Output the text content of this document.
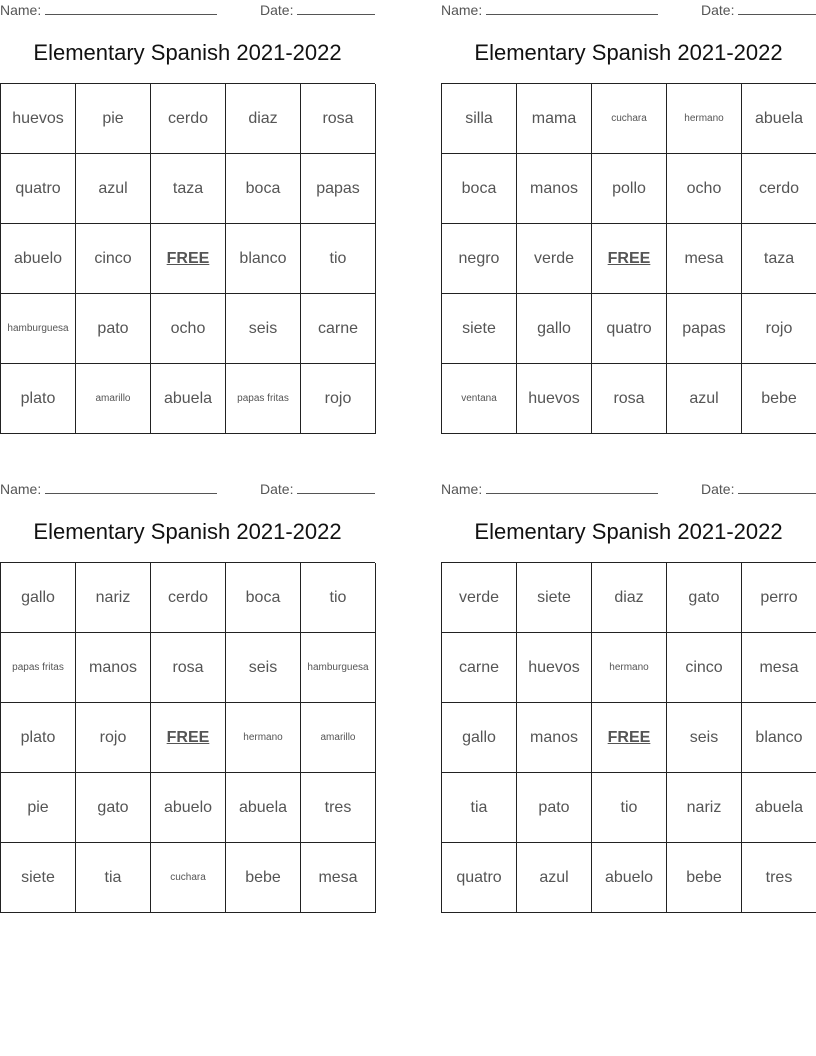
Name:	Date:
Elementary Spanish 2021-2022
huevos	pie	cerdo	diaz	rosa
quatro	azul	taza	boca	papas
abuelo	cinco	FREE	blanco	tio
hamburguesa	pato	ocho	seis	carne
plato	amarillo	abuela	papas fritas	rojo
Name:	Date:
Elementary Spanish 2021-2022
silla	mama	cuchara	hermano	abuela
boca	manos	pollo	ocho	cerdo
negro	verde	FREE	mesa	taza
siete	gallo	quatro	papas	rojo
ventana	huevos	rosa	azul	bebe
Name:	Date:
Elementary Spanish 2021-2022
gallo	nariz	cerdo	boca	tio
papas fritas	manos	rosa	seis	hamburguesa
plato	rojo	FREE	hermano	amarillo
pie	gato	abuelo	abuela	tres
siete	tia	cuchara	bebe	mesa
Name:	Date:
Elementary Spanish 2021-2022
verde	siete	diaz	gato	perro
carne	huevos	hermano	cinco	mesa
gallo	manos	FREE	seis	blanco
tia	pato	tio	nariz	abuela
quatro	azul	abuelo	bebe	tres
